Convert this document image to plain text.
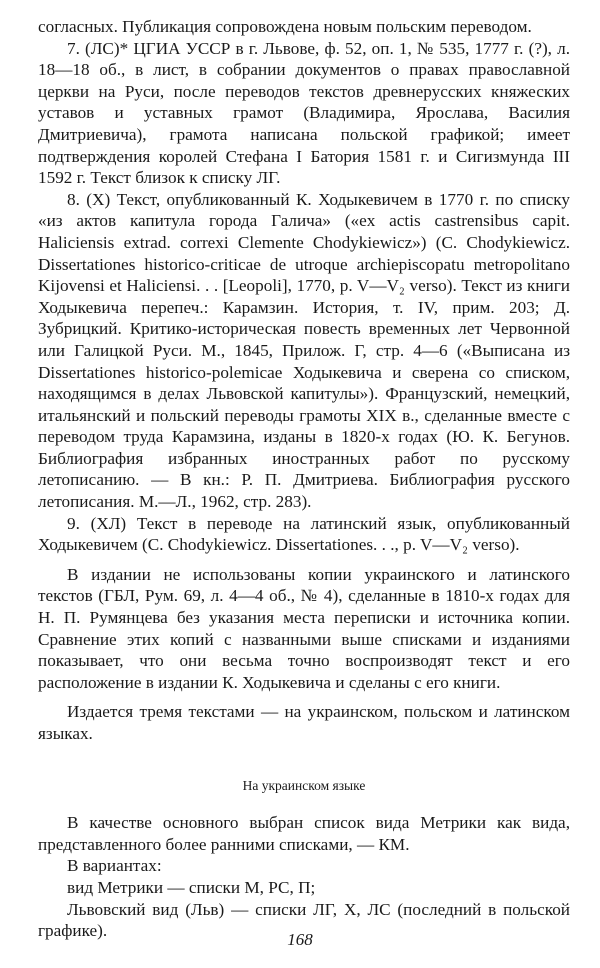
согласных. Публикация сопровождена новым польским переводом.

7. (ЛС)* ЦГИА УССР в г. Львове, ф. 52, оп. 1, № 535, 1777 г. (?), л. 18—18 об., в лист, в собрании документов о правах православной церкви на Руси, после переводов текстов древнерусских княжеских уставов и уставных грамот (Владимира, Ярослава, Василия Дмитриевича), грамота написана польской графикой; имеет подтверждения королей Стефана I Батория 1581 г. и Сигизмунда III 1592 г. Текст близок к списку ЛГ.

8. (X) Текст, опубликованный К. Ходыкевичем в 1770 г. по списку «из актов капитула города Галича» («ex actis castrensibus capit. Haliciensis extrad. correxi Clemente Chodykiewicz») (C. Chodykiewicz. Dissertationes historico-criticae de utroque archiepiscopatu metropolitano Kijovensi et Haliciensi. . . [Leopoli], 1770, p. V—V₂ verso). Текст из книги Ходыкевича перепеч.: Карамзин. История, т. IV, прим. 203; Д. Зубрицкий. Критико-историческая повесть временных лет Червонной или Галицкой Руси. М., 1845, Прилож. Г, стр. 4—6 («Выписана из Dissertationes historico-polemicae Ходыкевича и сверена со списком, находящимся в делах Львовской капитулы»). Французский, немецкий, итальянский и польский переводы грамоты XIX в., сделанные вместе с переводом труда Карамзина, изданы в 1820-х годах (Ю. К. Бегунов. Библиография избранных иностранных работ по русскому летописанию. — В кн.: Р. П. Дмитриева. Библиография русского летописания. М.—Л., 1962, стр. 283).

9. (ХЛ) Текст в переводе на латинский язык, опубликованный Ходыкевичем (C. Chodykiewicz. Dissertationes. . ., p. V—V₂ verso).

В издании не использованы копии украинского и латинского текстов (ГБЛ, Рум. 69, л. 4—4 об., № 4), сделанные в 1810-х годах для Н. П. Румянцева без указания места переписки и источника копии. Сравнение этих копий с названными выше списками и изданиями показывает, что они весьма точно воспроизводят текст и его расположение в издании К. Ходыкевича и сделаны с его книги.

Издается тремя текстами — на украинском, польском и латинском языках.

На украинском языке

В качестве основного выбран список вида Метрики как вида, представленного более ранними списками, — КМ.

В вариантах:

вид Метрики — списки М, РС, П;

Львовский вид (Льв) — списки ЛГ, Х, ЛС (последний в польской графике).	168
